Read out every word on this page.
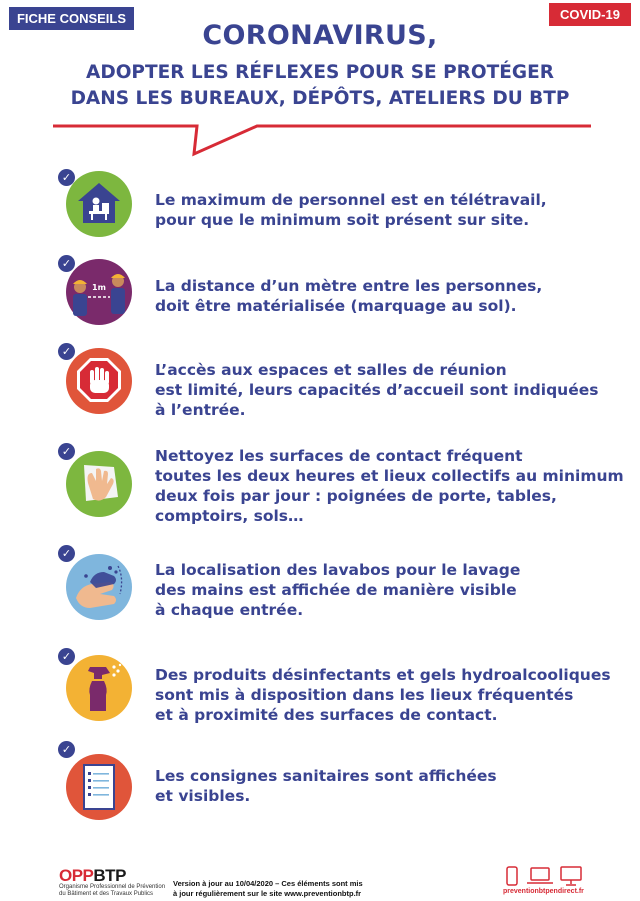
FICHE CONSEILS	COVID-19
CORONAVIRUS,
ADOPTER LES RÉFLEXES POUR SE PROTÉGER
DANS LES BUREAUX, DÉPÔTS, ATELIERS DU BTP
✓
Le maximum de personnel est en télétravail,
pour que le minimum soit présent sur site.
✓
1m	La distance d’un mètre entre les personnes,
doit être matérialisée (marquage au sol).
✓
L’accès aux espaces et salles de réunion
est limité, leurs capacités d’accueil sont indiquées
à l’entrée.
✓	Nettoyez les surfaces de contact fréquent
toutes les deux heures et lieux collectifs au minimum
deux fois par jour : poignées de porte, tables,
comptoirs, sols…
✓
La localisation des lavabos pour le lavage
des mains est affichée de manière visible
à chaque entrée.
✓
Des produits désinfectants et gels hydroalcooliques
sont mis à disposition dans les lieux fréquentés
et à proximité des surfaces de contact.
✓
Les consignes sanitaires sont affichées
et visibles.
OPPBTP
Organisme Professionnel de Prévention
du Bâtiment et des Travaux Publics
Version à jour au 10/04/2020 – Ces éléments sont mis
à jour régulièrement sur le site www.preventionbtp.fr	preventionbtpendirect.fr
